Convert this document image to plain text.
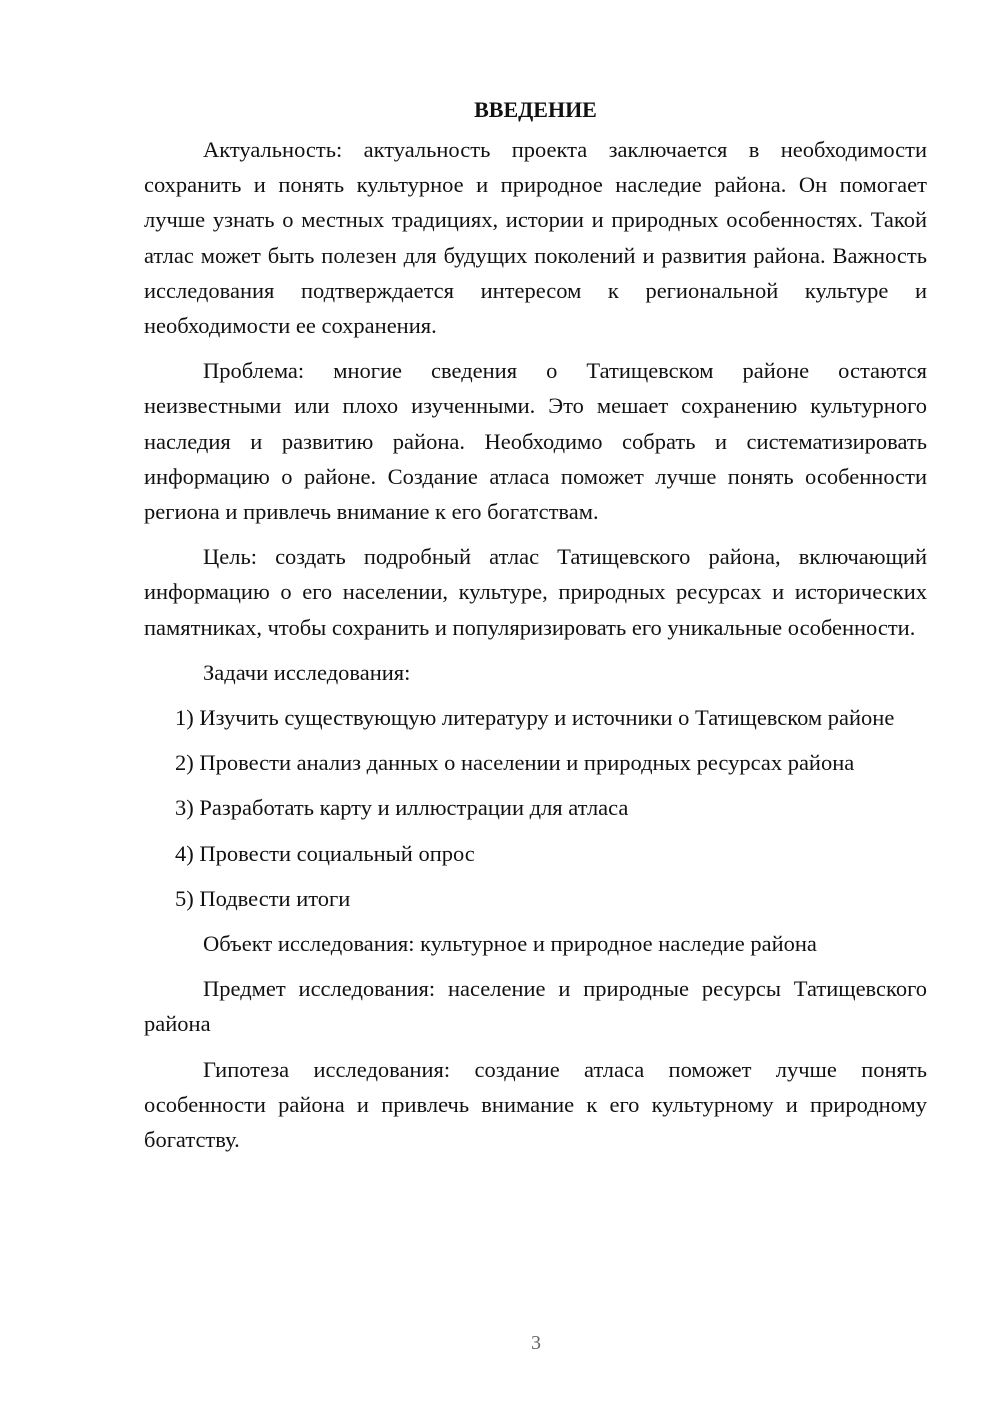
ВВЕДЕНИЕ
Актуальность: актуальность проекта заключается в необходимости сохранить и понять культурное и природное наследие района. Он помогает лучше узнать о местных традициях, истории и природных особенностях. Такой атлас может быть полезен для будущих поколений и развития района. Важность исследования подтверждается интересом к региональной культуре и необходимости ее сохранения.
Проблема: многие сведения о Татищевском районе остаются неизвестными или плохо изученными. Это мешает сохранению культурного наследия и развитию района. Необходимо собрать и систематизировать информацию о районе. Создание атласа поможет лучше понять особенности региона и привлечь внимание к его богатствам.
Цель: создать подробный атлас Татищевского района, включающий информацию о его населении, культуре, природных ресурсах и исторических памятниках, чтобы сохранить и популяризировать его уникальные особенности.
Задачи исследования:
1) Изучить существующую литературу и источники о Татищевском районе
2) Провести анализ данных о населении и природных ресурсах района
3) Разработать карту и иллюстрации для атласа
4) Провести социальный опрос
5) Подвести итоги
Объект исследования: культурное и природное наследие района
Предмет исследования: население и природные ресурсы Татищевского района
Гипотеза исследования: создание атласа поможет лучше понять особенности района и привлечь внимание к его культурному и природному богатству.
3
